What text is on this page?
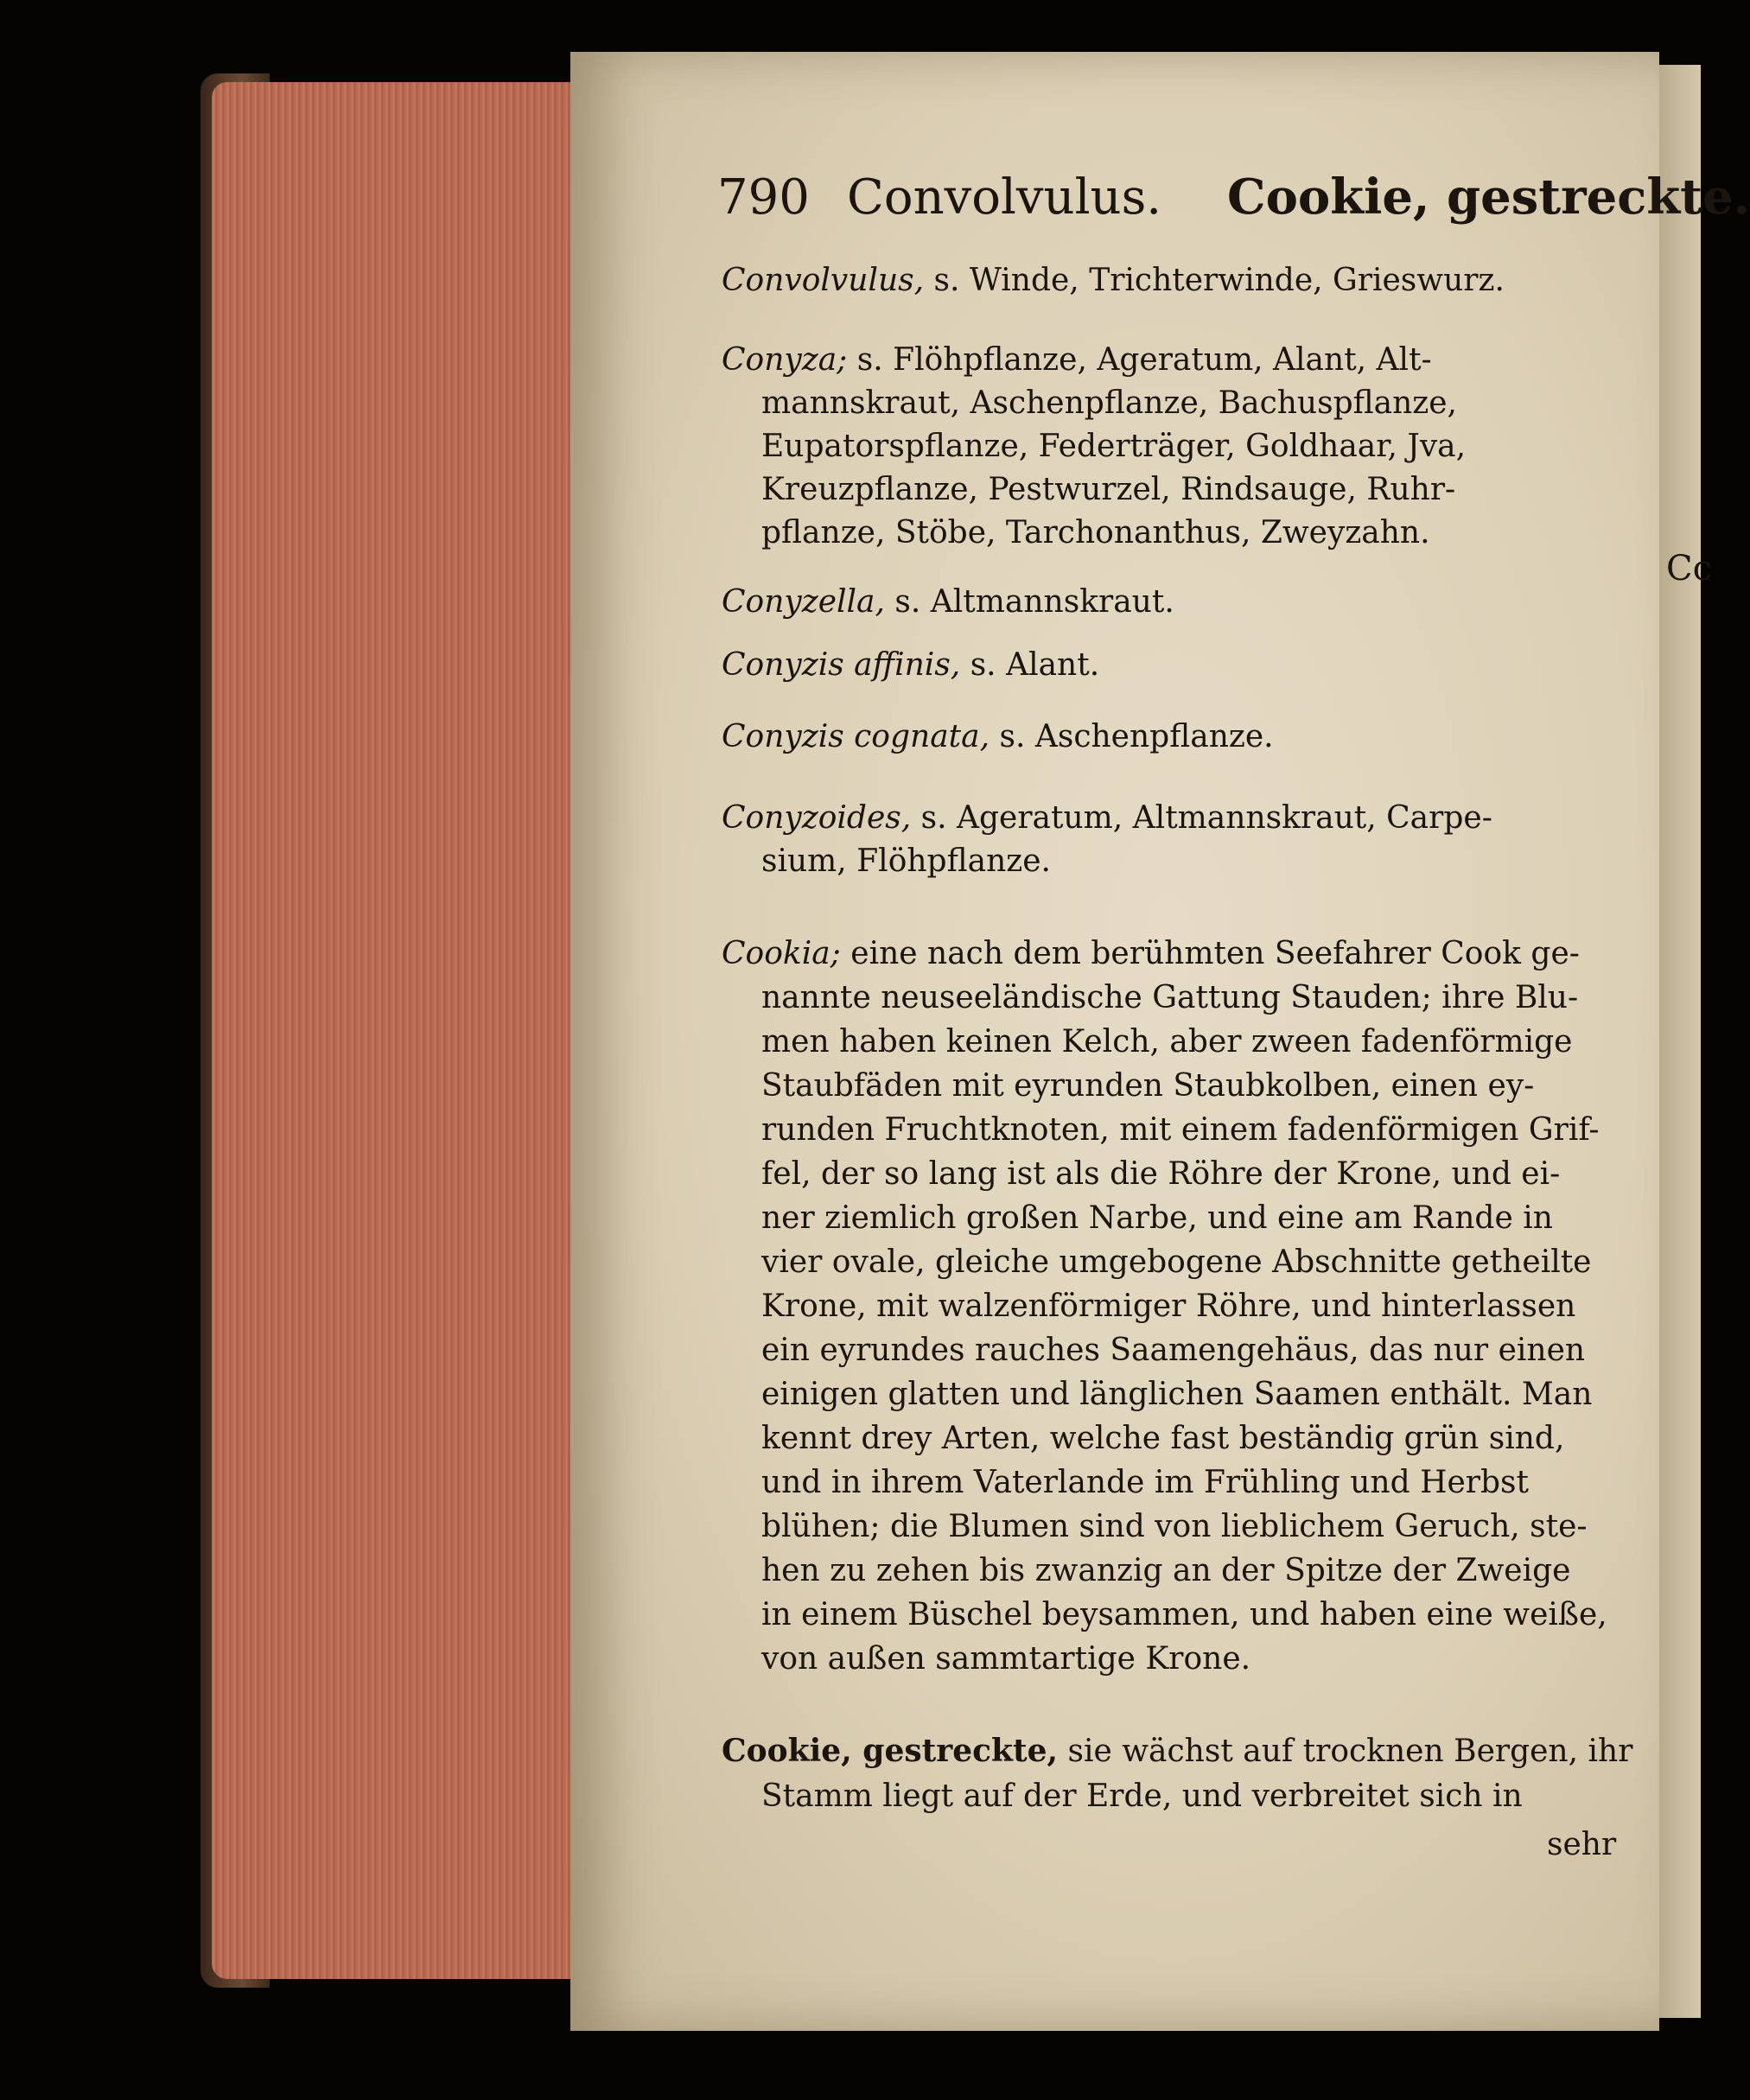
Cc
790 Convolvulus. Cookie, gestreckte.
Convolvulus, s. Winde, Trichterwinde, Grieswurz.
Conyza; s. Flöhpflanze, Ageratum, Alant, Alt-
mannskraut, Aschenpflanze, Bachuspflanze,
Eupatorspflanze, Federträger, Goldhaar, Jva,
Kreuzpflanze, Pestwurzel, Rindsauge, Ruhr-
pflanze, Stöbe, Tarchonanthus, Zweyzahn.
Conyzella, s. Altmannskraut.
Conyzis affinis, s. Alant.
Conyzis cognata, s. Aschenpflanze.
Conyzoides, s. Ageratum, Altmannskraut, Carpe-
sium, Flöhpflanze.
Cookia; eine nach dem berühmten Seefahrer Cook ge-
nannte neuseeländische Gattung Stauden; ihre Blu-
men haben keinen Kelch, aber zween fadenförmige
Staubfäden mit eyrunden Staubkolben, einen ey-
runden Fruchtknoten, mit einem fadenförmigen Grif-
fel, der so lang ist als die Röhre der Krone, und ei-
ner ziemlich großen Narbe, und eine am Rande in
vier ovale, gleiche umgebogene Abschnitte getheilte
Krone, mit walzenförmiger Röhre, und hinterlassen
ein eyrundes rauches Saamengehäus, das nur einen
einigen glatten und länglichen Saamen enthält. Man
kennt drey Arten, welche fast beständig grün sind,
und in ihrem Vaterlande im Frühling und Herbst
blühen; die Blumen sind von lieblichem Geruch, ste-
hen zu zehen bis zwanzig an der Spitze der Zweige
in einem Büschel beysammen, und haben eine weiße,
von außen sammtartige Krone.
Cookie, gestreckte, sie wächst auf trocknen Bergen, ihr
Stamm liegt auf der Erde, und verbreitet sich in
sehr
